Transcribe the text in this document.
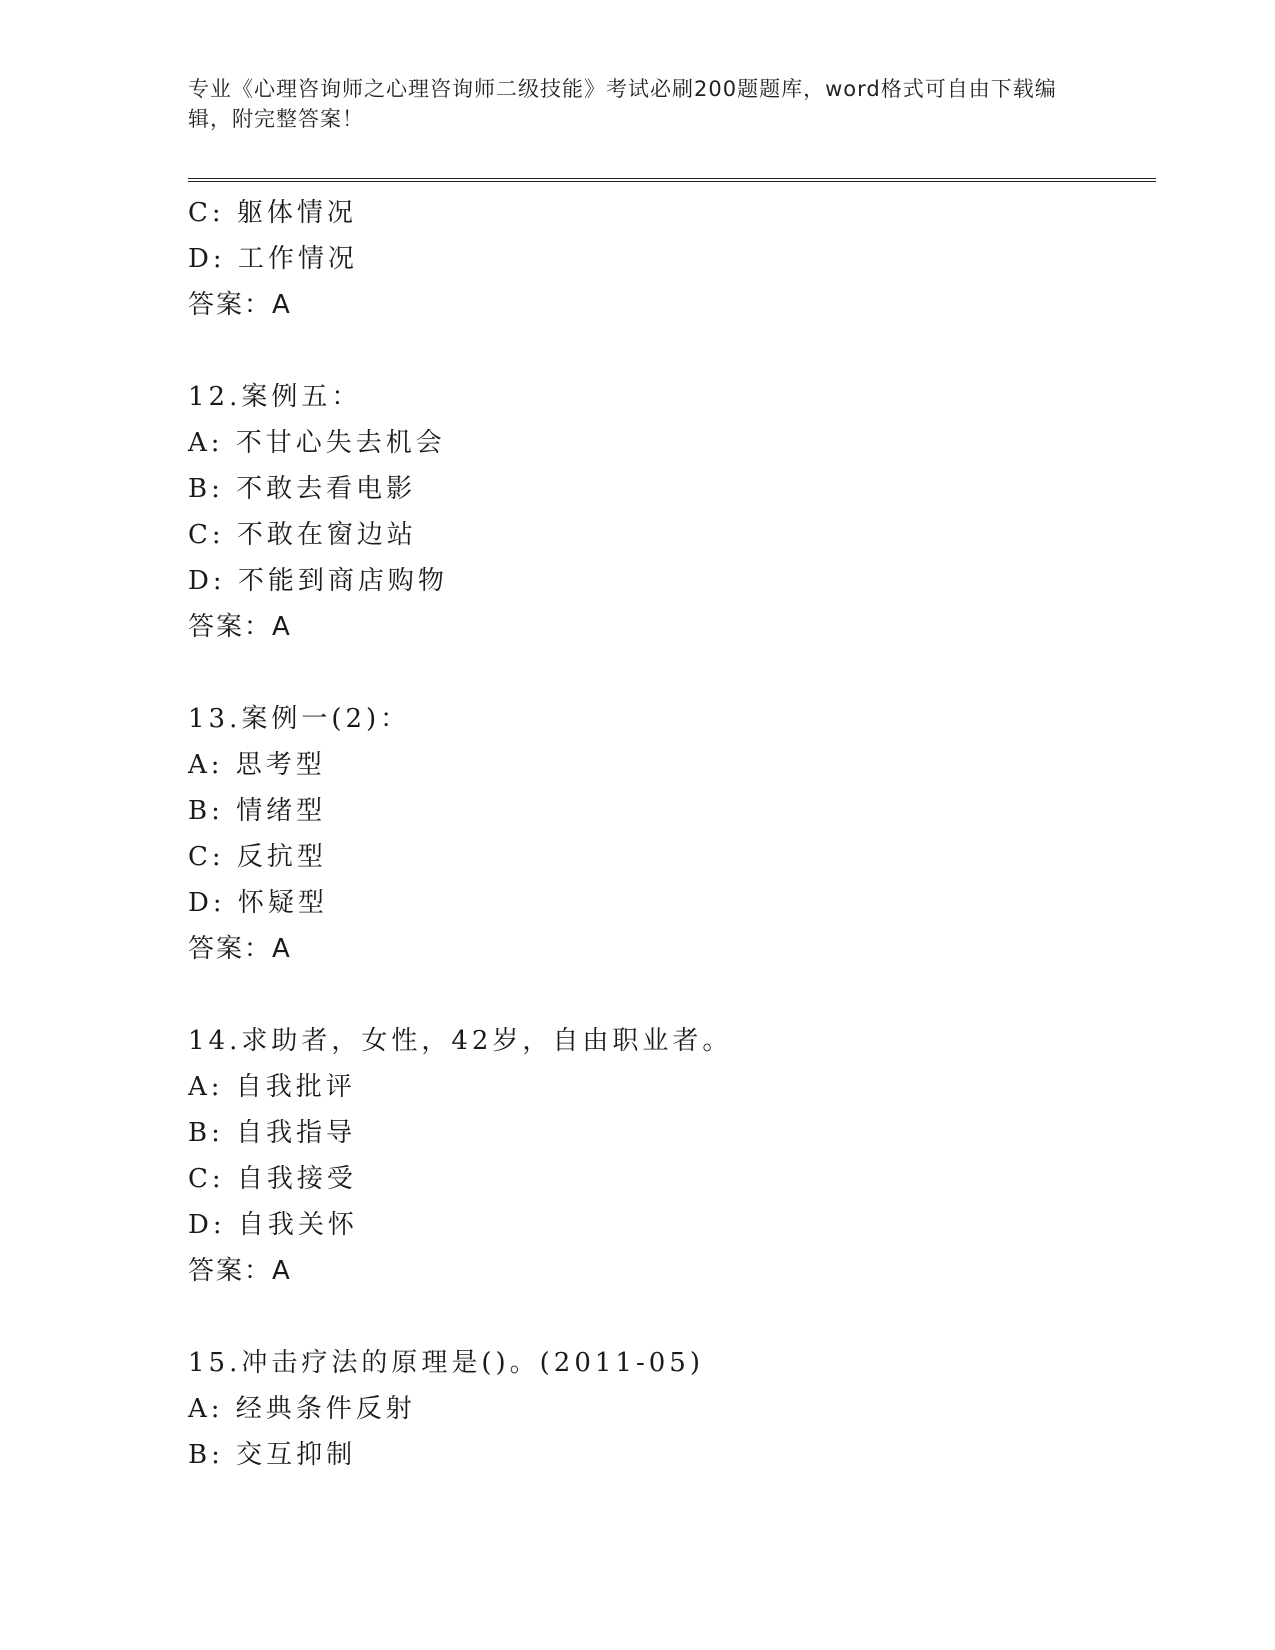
专业《心理咨询师之心理咨询师二级技能》考试必刷200题题库，word格式可自由下载编辑，附完整答案！
C: 躯体情况
D: 工作情况
答案：A
12.案例五：
A: 不甘心失去机会
B: 不敢去看电影
C: 不敢在窗边站
D: 不能到商店购物
答案：A
13.案例一(2)：
A: 思考型
B: 情绪型
C: 反抗型
D: 怀疑型
答案：A
14.求助者，女性，42岁，自由职业者。
A: 自我批评
B: 自我指导
C: 自我接受
D: 自我关怀
答案：A
15.冲击疗法的原理是()。(2011-05)
A: 经典条件反射
B: 交互抑制
